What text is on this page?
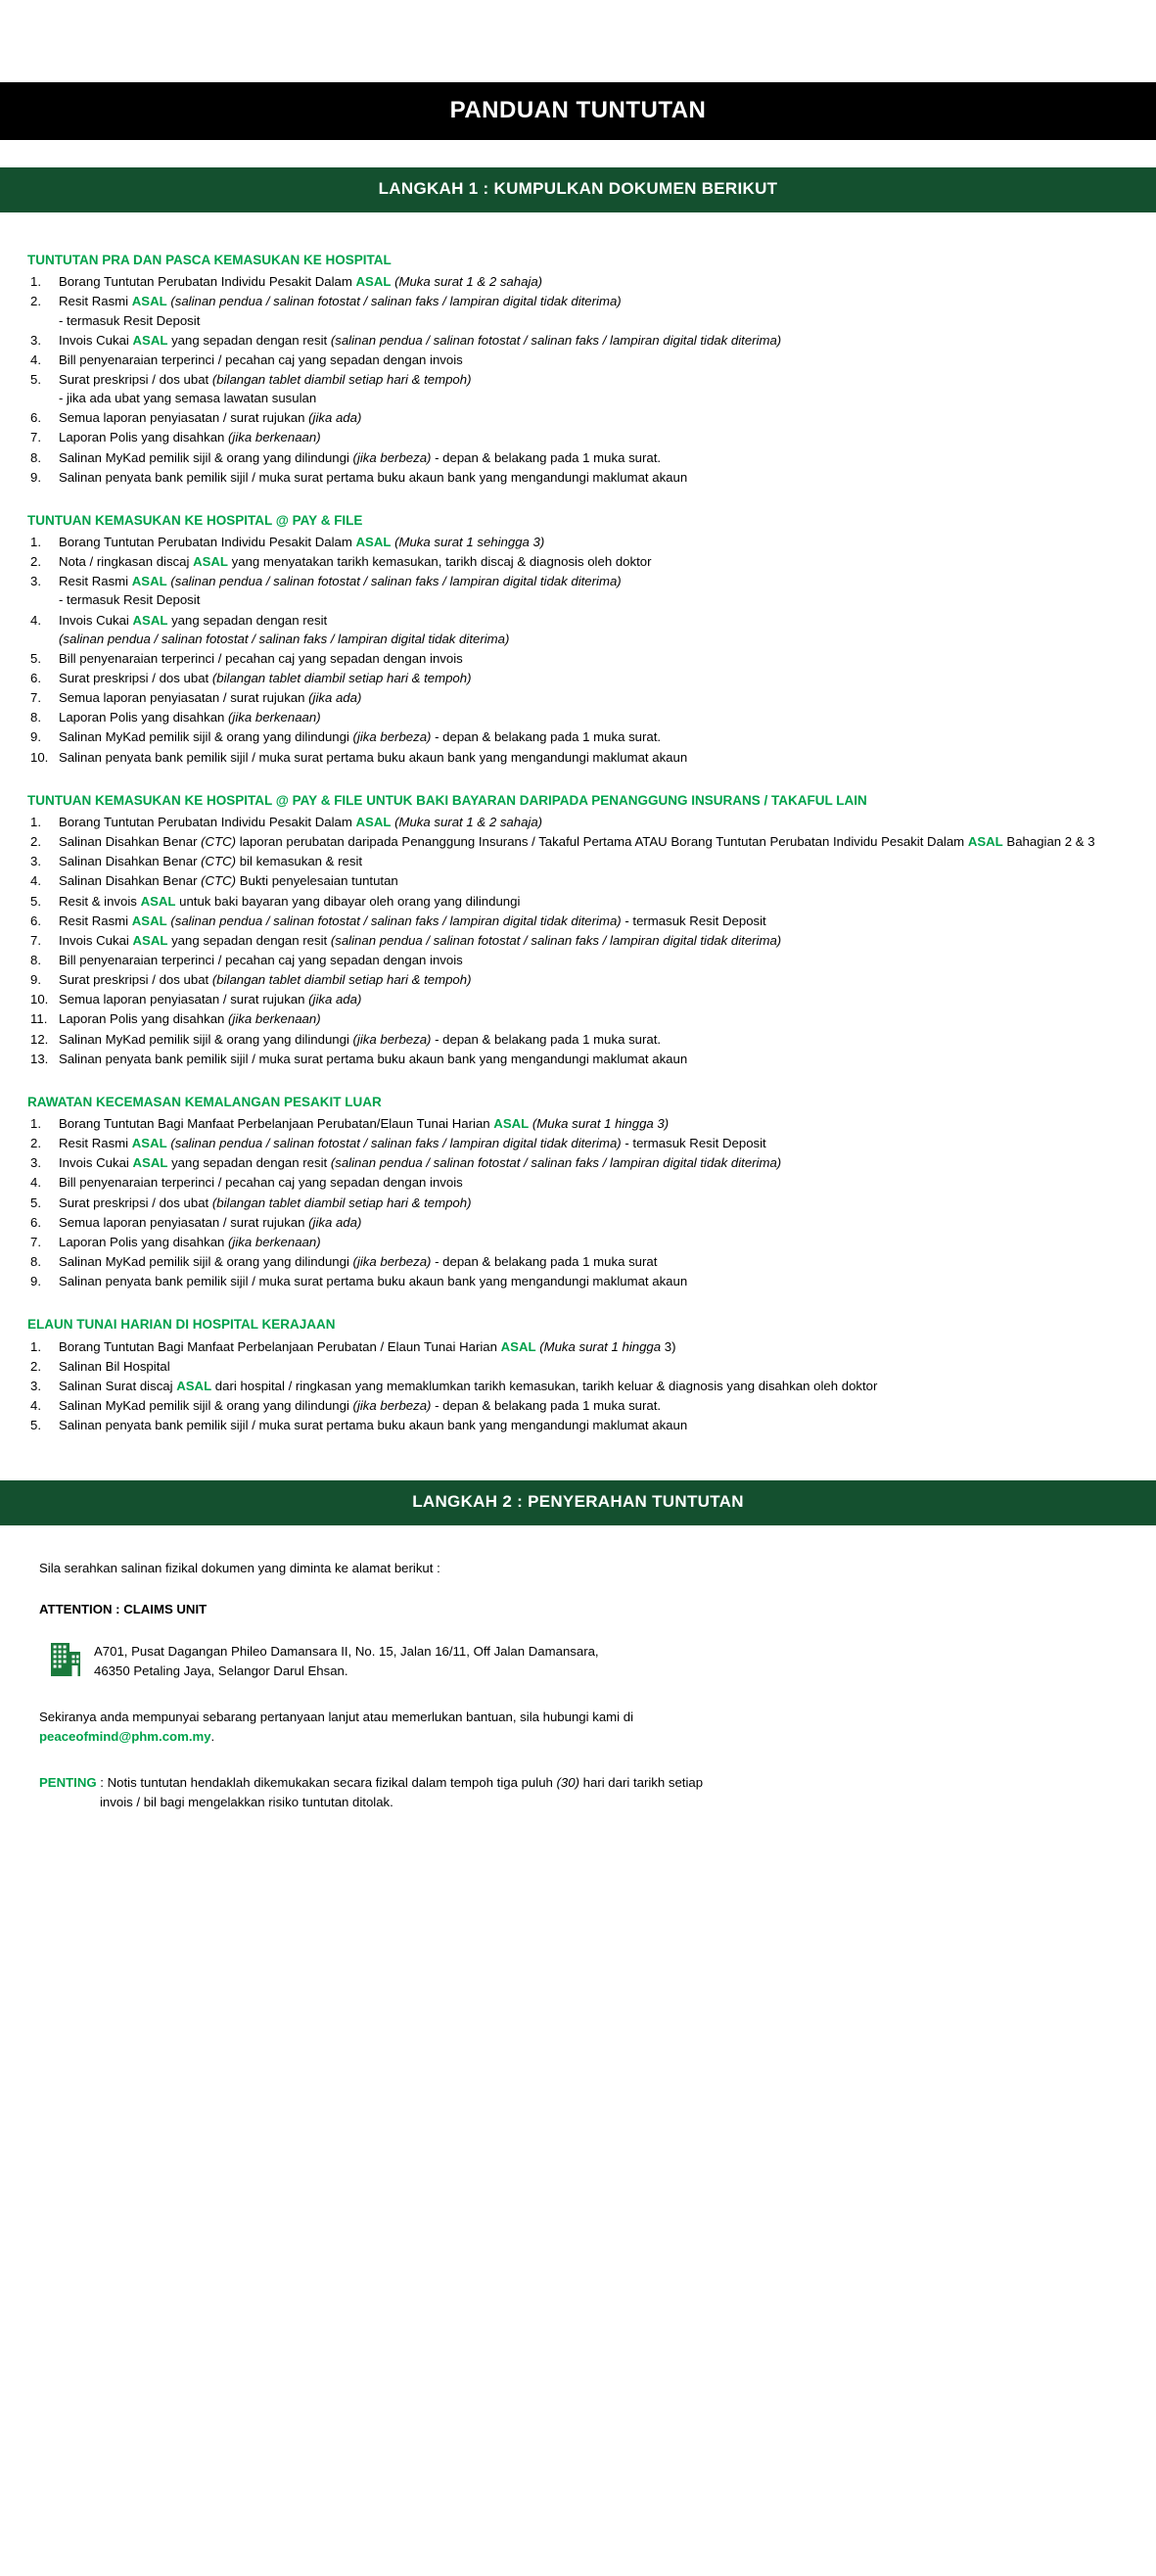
PANDUAN TUNTUTAN
LANGKAH 1 : KUMPULKAN DOKUMEN BERIKUT
TUNTUTAN PRA DAN PASCA KEMASUKAN KE HOSPITAL
1.	Borang Tuntutan Perubatan Individu Pesakit Dalam ASAL (Muka surat 1 & 2 sahaja)
2.	Resit Rasmi ASAL (salinan pendua / salinan fotostat / salinan faks / lampiran digital tidak diterima)
- termasuk Resit Deposit
3.	Invois Cukai ASAL yang sepadan dengan resit (salinan pendua / salinan fotostat / salinan faks / lampiran digital tidak diterima)
4.	Bill penyenaraian terperinci / pecahan caj yang sepadan dengan invois
5.	Surat preskripsi / dos ubat (bilangan tablet diambil setiap hari & tempoh)
- jika ada ubat yang semasa lawatan susulan
6.	Semua laporan penyiasatan / surat rujukan (jika ada)
7.	Laporan Polis yang disahkan (jika berkenaan)
8.	Salinan MyKad pemilik sijil & orang yang dilindungi (jika berbeza) - depan & belakang pada 1 muka surat.
9.	Salinan penyata bank pemilik sijil / muka surat pertama buku akaun bank yang mengandungi maklumat akaun
TUNTUAN KEMASUKAN KE HOSPITAL @ PAY & FILE
1.	Borang Tuntutan Perubatan Individu Pesakit Dalam ASAL (Muka surat 1 sehingga 3)
2.	Nota / ringkasan discaj ASAL yang menyatakan tarikh kemasukan, tarikh discaj & diagnosis oleh doktor
3.	Resit Rasmi ASAL (salinan pendua / salinan fotostat / salinan faks / lampiran digital tidak diterima)
- termasuk Resit Deposit
4.	Invois Cukai ASAL yang sepadan dengan resit
(salinan pendua / salinan fotostat / salinan faks / lampiran digital tidak diterima)
5.	Bill penyenaraian terperinci / pecahan caj yang sepadan dengan invois
6.	Surat preskripsi / dos ubat (bilangan tablet diambil setiap hari & tempoh)
7.	Semua laporan penyiasatan / surat rujukan (jika ada)
8.	Laporan Polis yang disahkan (jika berkenaan)
9.	Salinan MyKad pemilik sijil & orang yang dilindungi (jika berbeza) - depan & belakang pada 1 muka surat.
10. Salinan penyata bank pemilik sijil / muka surat pertama buku akaun bank yang mengandungi maklumat akaun
TUNTUAN KEMASUKAN KE HOSPITAL @ PAY & FILE UNTUK BAKI BAYARAN DARIPADA PENANGGUNG INSURANS / TAKAFUL LAIN
1.	Borang Tuntutan Perubatan Individu Pesakit Dalam ASAL (Muka surat 1 & 2 sahaja)
2.	Salinan Disahkan Benar (CTC) laporan perubatan daripada Penanggung Insurans / Takaful Pertama ATAU Borang Tuntutan Perubatan Individu Pesakit Dalam ASAL Bahagian 2 & 3
3.	Salinan Disahkan Benar (CTC) bil kemasukan & resit
4.	Salinan Disahkan Benar (CTC) Bukti penyelesaian tuntutan
5.	Resit & invois ASAL untuk baki bayaran yang dibayar oleh orang yang dilindungi
6.	Resit Rasmi ASAL (salinan pendua / salinan fotostat / salinan faks / lampiran digital tidak diterima) - termasuk Resit Deposit
7.	Invois Cukai ASAL yang sepadan dengan resit (salinan pendua / salinan fotostat / salinan faks / lampiran digital tidak diterima)
8.	Bill penyenaraian terperinci / pecahan caj yang sepadan dengan invois
9.	Surat preskripsi / dos ubat (bilangan tablet diambil setiap hari & tempoh)
10. Semua laporan penyiasatan / surat rujukan (jika ada)
11. Laporan Polis yang disahkan (jika berkenaan)
12. Salinan MyKad pemilik sijil & orang yang dilindungi (jika berbeza) - depan & belakang pada 1 muka surat.
13. Salinan penyata bank pemilik sijil / muka surat pertama buku akaun bank yang mengandungi maklumat akaun
RAWATAN KECEMASAN KEMALANGAN PESAKIT LUAR
1.	Borang Tuntutan Bagi Manfaat Perbelanjaan Perubatan/Elaun Tunai Harian ASAL (Muka surat 1 hingga 3)
2.	Resit Rasmi ASAL (salinan pendua / salinan fotostat / salinan faks / lampiran digital tidak diterima) - termasuk Resit Deposit
3.	Invois Cukai ASAL yang sepadan dengan resit (salinan pendua / salinan fotostat / salinan faks / lampiran digital tidak diterima)
4.	Bill penyenaraian terperinci / pecahan caj yang sepadan dengan invois
5.	Surat preskripsi / dos ubat (bilangan tablet diambil setiap hari & tempoh)
6.	Semua laporan penyiasatan / surat rujukan (jika ada)
7.	Laporan Polis yang disahkan (jika berkenaan)
8.	Salinan MyKad pemilik sijil & orang yang dilindungi (jika berbeza) - depan & belakang pada 1 muka surat
9.	Salinan penyata bank pemilik sijil / muka surat pertama buku akaun bank yang mengandungi maklumat akaun
ELAUN TUNAI HARIAN DI HOSPITAL KERAJAAN
1.	Borang Tuntutan Bagi Manfaat Perbelanjaan Perubatan / Elaun Tunai Harian ASAL (Muka surat 1 hingga 3)
2.	Salinan Bil Hospital
3.	Salinan Surat discaj ASAL dari hospital / ringkasan yang memaklumkan tarikh kemasukan, tarikh keluar & diagnosis yang disahkan oleh doktor
4.	Salinan MyKad pemilik sijil & orang yang dilindungi (jika berbeza) - depan & belakang pada 1 muka surat.
5.	Salinan penyata bank pemilik sijil / muka surat pertama buku akaun bank yang mengandungi maklumat akaun
LANGKAH 2 : PENYERAHAN TUNTUTAN

Sila serahkan salinan fizikal dokumen yang diminta ke alamat berikut :

ATTENTION : CLAIMS UNIT

A701, Pusat Dagangan Phileo Damansara II, No. 15, Jalan 16/11, Off Jalan Damansara,
46350 Petaling Jaya, Selangor Darul Ehsan.

Sekiranya anda mempunyai sebarang pertanyaan lanjut atau memerlukan bantuan, sila hubungi kami di
peaceofmind@phm.com.my.

PENTING : Notis tuntutan hendaklah dikemukakan secara fizikal dalam tempoh tiga puluh (30) hari dari tarikh setiap
invois / bil bagi mengelakkan risiko tuntutan ditolak.
